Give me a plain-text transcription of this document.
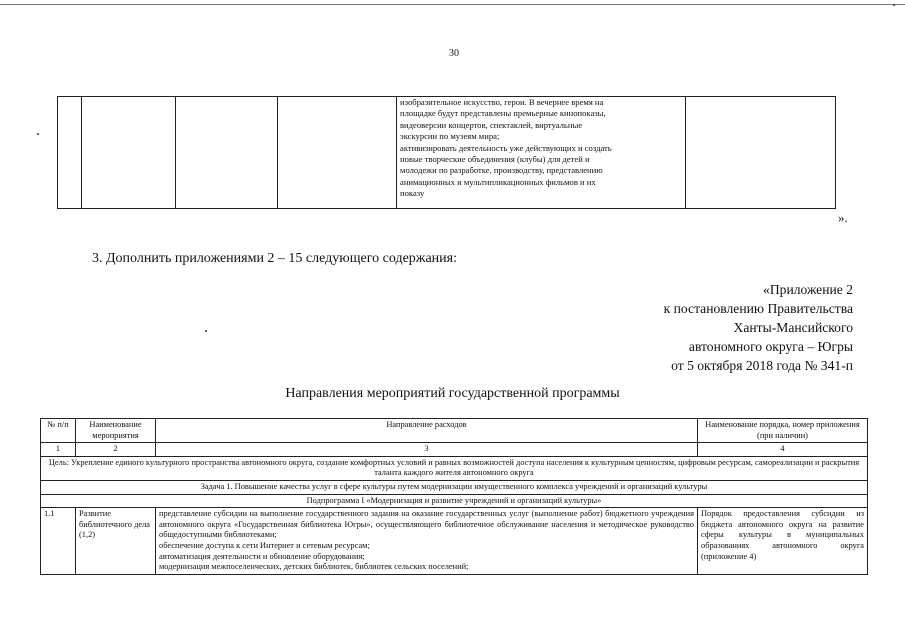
30

изобразительное искусство, герои. В вечернее время на
площадке будут представлены премьерные кинопоказы,
видеоверсии концертов, спектаклей, виртуальные
экскурсии по музеям мира;
активизировать деятельность уже действующих и создать
новые творческие объединения (клубы) для детей и
молодежи по разработке, производству, представлению
анимационных и мультипликационных фильмов и их
показу

».
3. Дополнить приложениями 2 – 15 следующего содержания:
«Приложение 2
к постановлению Правительства
Ханты-Мансийского
автономного округа – Югры
от 5 октября 2018 года № 341-п
Направления мероприятий государственной программы
№ п/п	Наименование мероприятия	Направление расходов	Наименование порядка, номер приложения (при наличии)
1	2	3	4
Цель: Укрепление единого культурного пространства автономного округа, создание комфортных условий и равных возможностей доступа населения к культурным ценностям, цифровым ресурсам, самореализации и раскрытия таланта каждого жителя автономного округа			
Задача 1. Повышение качества услуг в сфере культуры путем модернизации имущественного комплекса учреждений и организаций культуры			
Подпрограмма I «Модернизация и развитие учреждений и организаций культуры»			
1.1	Развитие библиотечного дела (1,2)	представление субсидии на выполнение государственного задания на оказание государственных услуг (выполнение работ) бюджетного учреждения автономного округа «Государственная библиотека Югры», осуществляющего библиотечное обслуживание населения и методическое руководство общедоступными библиотеками;
обеспечение доступа к сети Интернет и сетевым ресурсам;
автоматизация деятельности и обновление оборудования;
модернизация межпоселенческих, детских библиотек, библиотек сельских поселений;	Порядок предоставления субсидии из бюджета автономного округа на развитие сферы культуры в муниципальных образованиях автономного округа (приложение 4)
